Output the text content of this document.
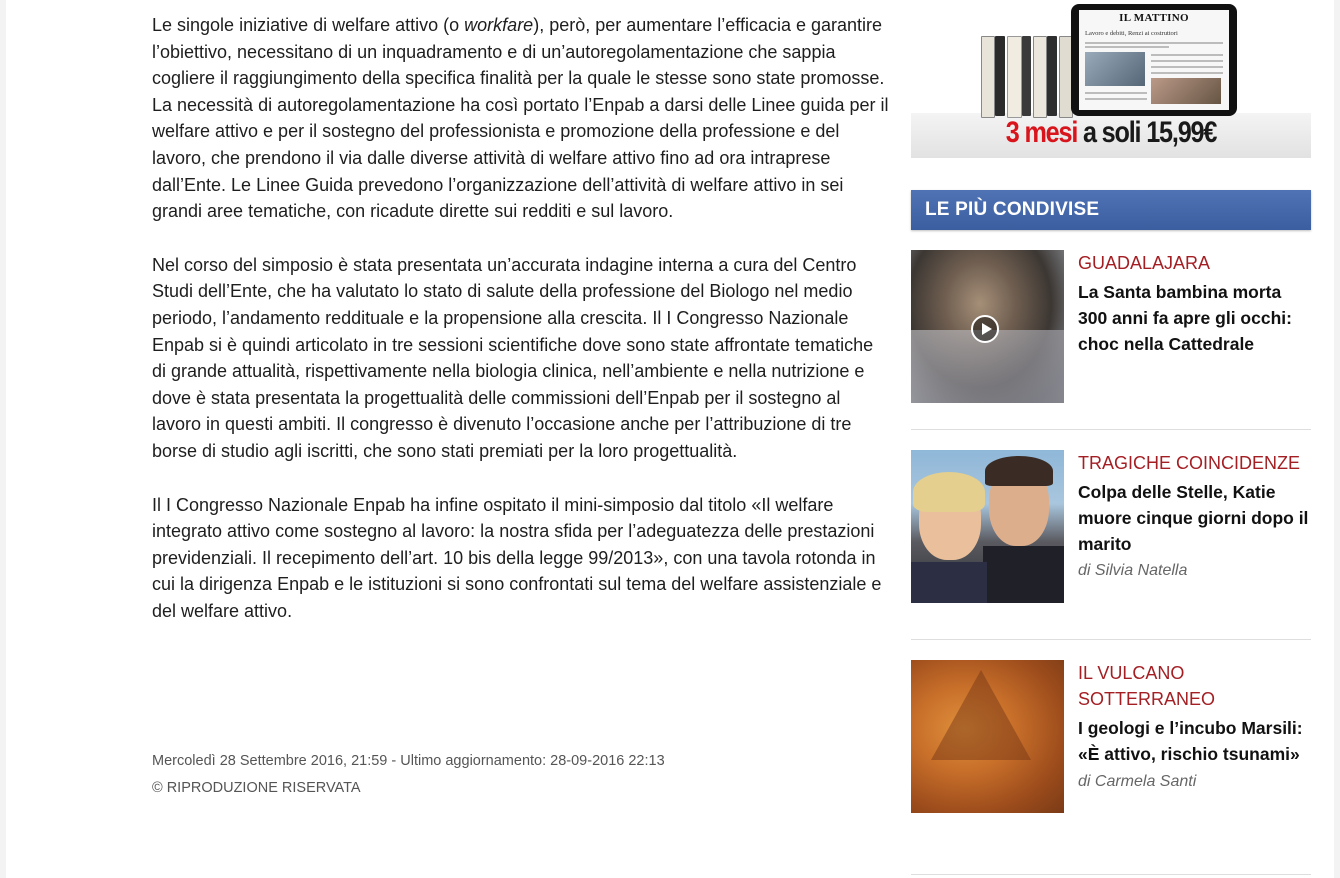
Le singole iniziative di welfare attivo (o workfare), però, per aumentare l’efficacia e garantire l’obiettivo, necessitano di un inquadramento e di un’autoregolamentazione che sappia cogliere il raggiungimento della specifica finalità per la quale le stesse sono state promosse. La necessità di autoregolamentazione ha così portato l’Enpab a darsi delle Linee guida per il welfare attivo e per il sostegno del professionista e promozione della professione e del lavoro, che prendono il via dalle diverse attività di welfare attivo fino ad ora intraprese dall’Ente. Le Linee Guida prevedono l’organizzazione dell’attività di welfare attivo in sei grandi aree tematiche, con ricadute dirette sui redditi e sul lavoro.

Nel corso del simposio è stata presentata un’accurata indagine interna a cura del Centro Studi dell’Ente, che ha valutato lo stato di salute della professione del Biologo nel medio periodo, l’andamento reddituale e la propensione alla crescita. Il I Congresso Nazionale Enpab si è quindi articolato in tre sessioni scientifiche dove sono state affrontate tematiche di grande attualità, rispettivamente nella biologia clinica, nell’ambiente e nella nutrizione e dove è stata presentata la progettualità delle commissioni dell’Enpab per il sostegno al lavoro in questi ambiti. Il congresso è divenuto l’occasione anche per l’attribuzione di tre borse di studio agli iscritti, che sono stati premiati per la loro progettualità.

Il I Congresso Nazionale Enpab ha infine ospitato il mini-simposio dal titolo «Il welfare integrato attivo come sostegno al lavoro: la nostra sfida per l’adeguatezza delle prestazioni previdenziali. Il recepimento dell’art. 10 bis della legge 99/2013», con una tavola rotonda in cui la dirigenza Enpab e le istituzioni si sono confrontati sul tema del welfare assistenziale e del welfare attivo.

Mercoledì 28 Settembre 2016, 21:59 - Ultimo aggiornamento: 28-09-2016 22:13
© RIPRODUZIONE RISERVATA
IL MATTINO
Lavoro e debiti, Renzi ai costruttori
3 mesi a soli 15,99€
LE PIÙ CONDIVISE
GUADALAJARA
La Santa bambina morta 300 anni fa apre gli occhi: choc nella Cattedrale
TRAGICHE COINCIDENZE
Colpa delle Stelle, Katie muore cinque giorni dopo il marito
di Silvia Natella
IL VULCANO SOTTERRANEO
I geologi e l’incubo Marsili: «È attivo, rischio tsunami»
di Carmela Santi
